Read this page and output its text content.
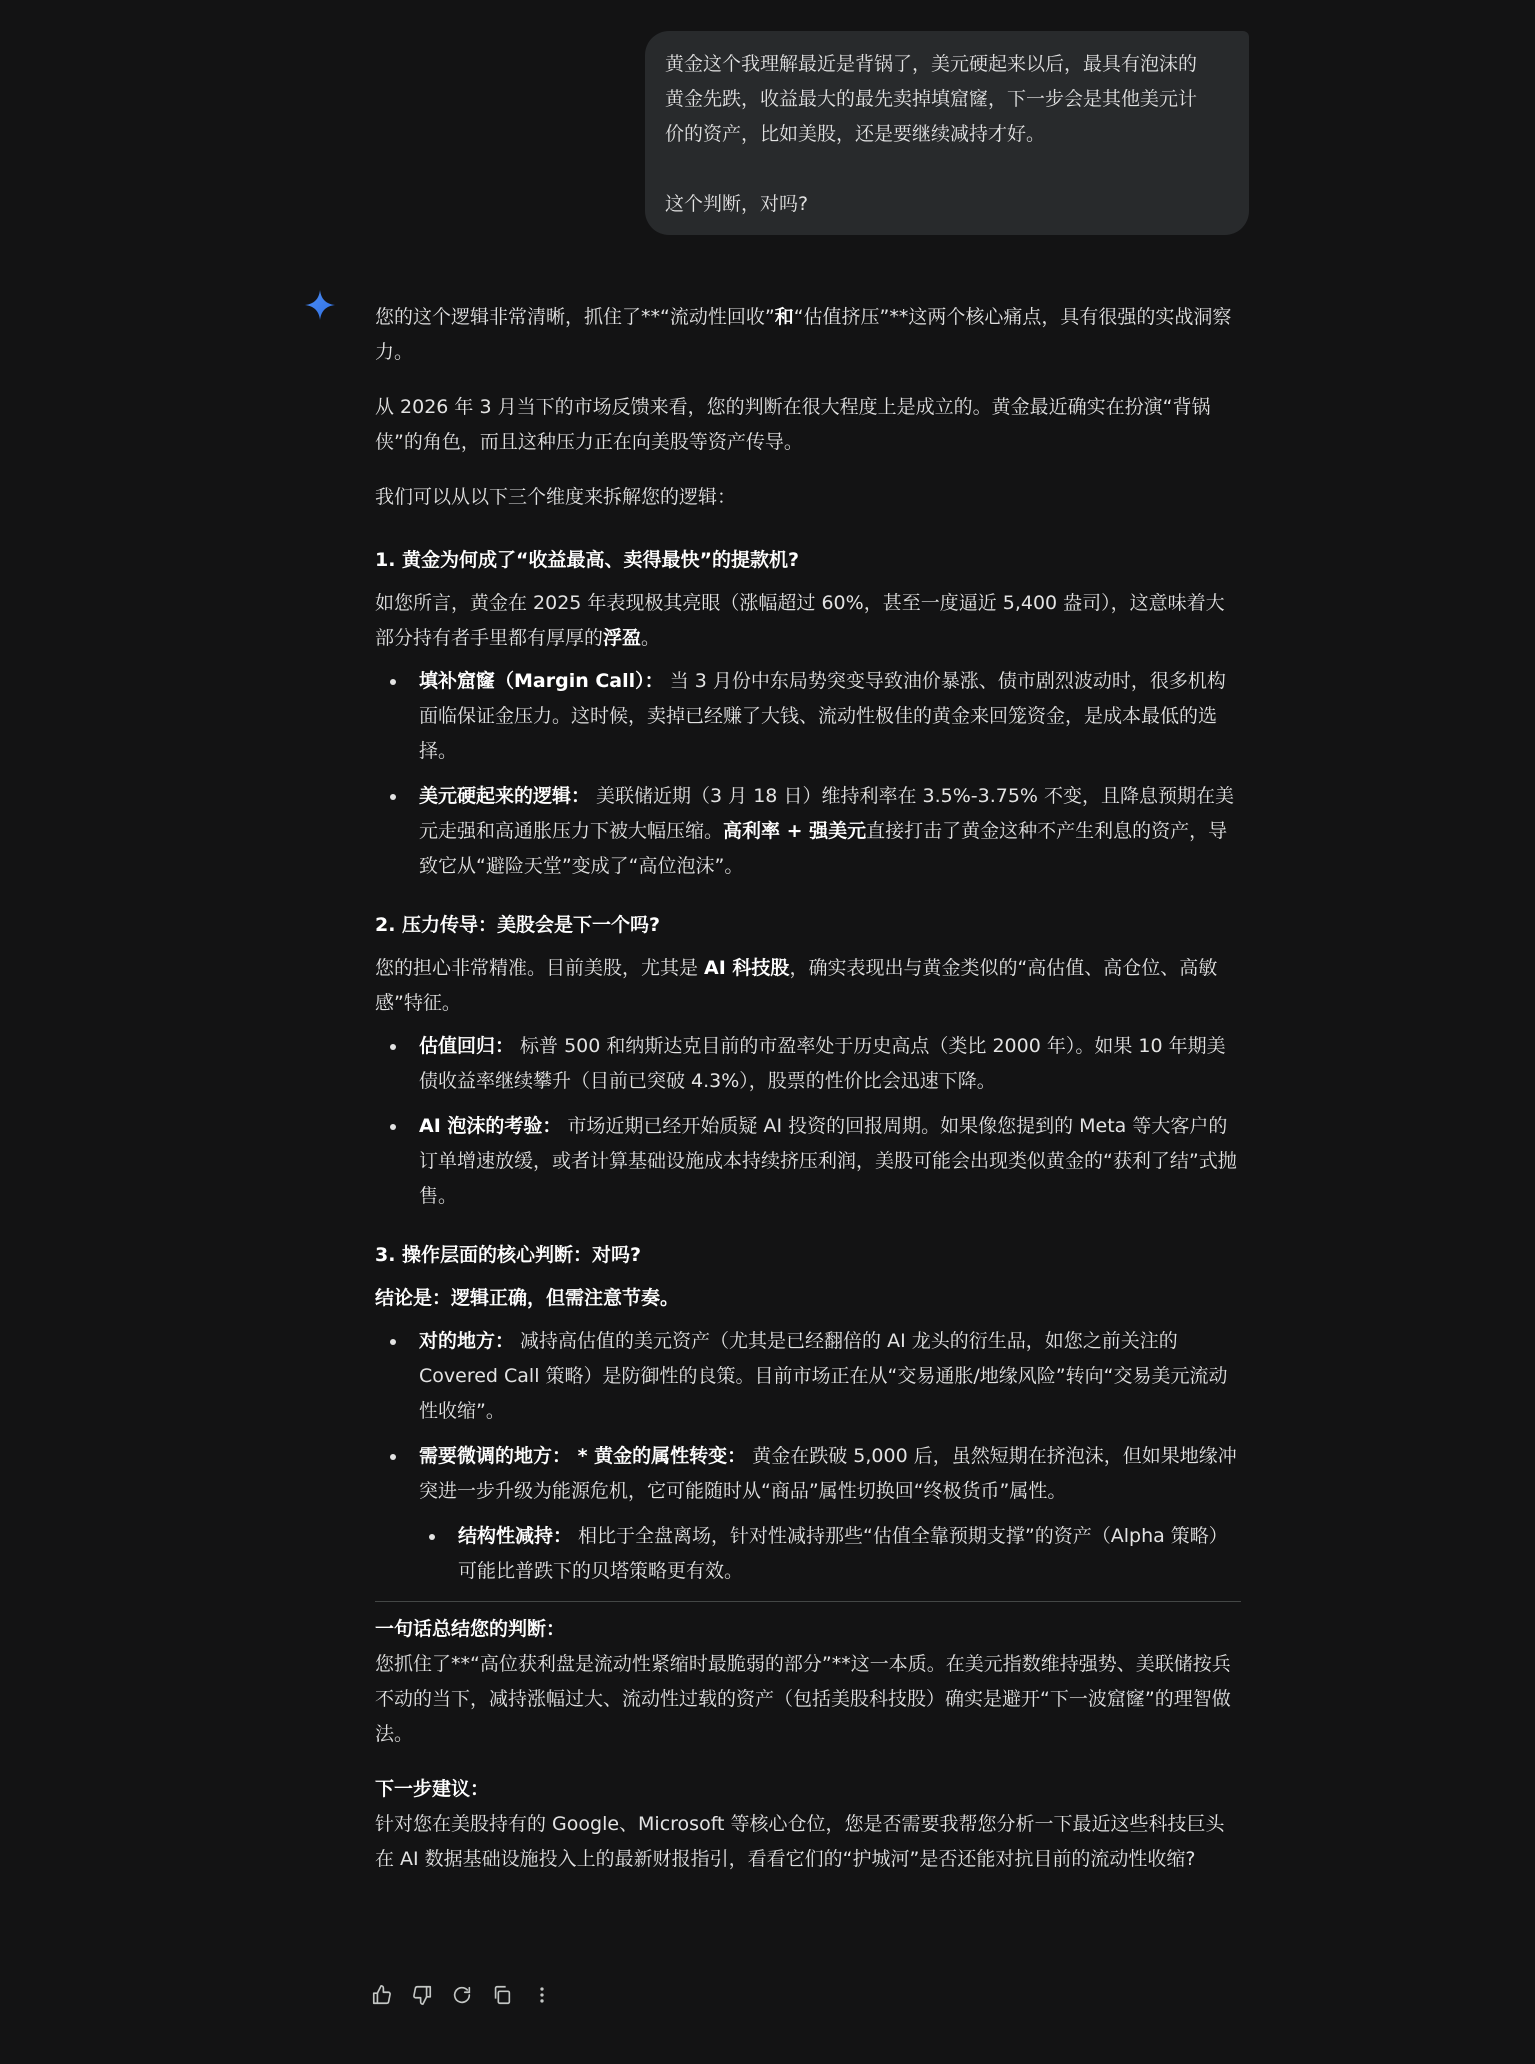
黄金这个我理解最近是背锅了，美元硬起来以后，最具有泡沫的

黄金先跌，收益最大的最先卖掉填窟窿，下一步会是其他美元计

价的资产，比如美股，还是要继续减持才好。

这个判断，对吗?

您的这个逻辑非常清晰，抓住了**“流动性回收”和“估值挤压”**这两个核心痛点，具有很强的实战洞察力。

从 2026 年 3 月当下的市场反馈来看，您的判断在很大程度上是成立的。黄金最近确实在扮演“背锅侠”的角色，而且这种压力正在向美股等资产传导。

我们可以从以下三个维度来拆解您的逻辑：

1. 黄金为何成了“收益最高、卖得最快”的提款机?

如您所言，黄金在 2025 年表现极其亮眼（涨幅超过 60%，甚至一度逼近 5,400 盎司），这意味着大部分持有者手里都有厚厚的浮盈。

填补窟窿（Margin Call）： 当 3 月份中东局势突变导致油价暴涨、债市剧烈波动时，很多机构面临保证金压力。这时候，卖掉已经赚了大钱、流动性极佳的黄金来回笼资金，是成本最低的选择。
美元硬起来的逻辑： 美联储近期（3 月 18 日）维持利率在 3.5%-3.75% 不变，且降息预期在美元走强和高通胀压力下被大幅压缩。高利率 + 强美元直接打击了黄金这种不产生利息的资产，导致它从“避险天堂”变成了“高位泡沫”。
2. 压力传导：美股会是下一个吗?

您的担心非常精准。目前美股，尤其是 AI 科技股，确实表现出与黄金类似的“高估值、高仓位、高敏感”特征。

估值回归： 标普 500 和纳斯达克目前的市盈率处于历史高点（类比 2000 年）。如果 10 年期美债收益率继续攀升（目前已突破 4.3%），股票的性价比会迅速下降。
AI 泡沫的考验： 市场近期已经开始质疑 AI 投资的回报周期。如果像您提到的 Meta 等大客户的订单增速放缓，或者计算基础设施成本持续挤压利润，美股可能会出现类似黄金的“获利了结”式抛售。
3. 操作层面的核心判断：对吗?

结论是：逻辑正确，但需注意节奏。

对的地方： 减持高估值的美元资产（尤其是已经翻倍的 AI 龙头的衍生品，如您之前关注的 Covered Call 策略）是防御性的良策。目前市场正在从“交易通胀/地缘风险”转向“交易美元流动性收缩”。
需要微调的地方： * 黄金的属性转变： 黄金在跌破 5,000 后，虽然短期在挤泡沫，但如果地缘冲突进一步升级为能源危机，它可能随时从“商品”属性切换回“终极货币”属性。
结构性减持： 相比于全盘离场，针对性减持那些“估值全靠预期支撑”的资产（Alpha 策略）可能比普跌下的贝塔策略更有效。
一句话总结您的判断：

您抓住了**“高位获利盘是流动性紧缩时最脆弱的部分”**这一本质。在美元指数维持强势、美联储按兵不动的当下，减持涨幅过大、流动性过载的资产（包括美股科技股）确实是避开“下一波窟窿”的理智做法。

下一步建议：

针对您在美股持有的 Google、Microsoft 等核心仓位，您是否需要我帮您分析一下最近这些科技巨头在 AI 数据基础设施投入上的最新财报指引，看看它们的“护城河”是否还能对抗目前的流动性收缩?
